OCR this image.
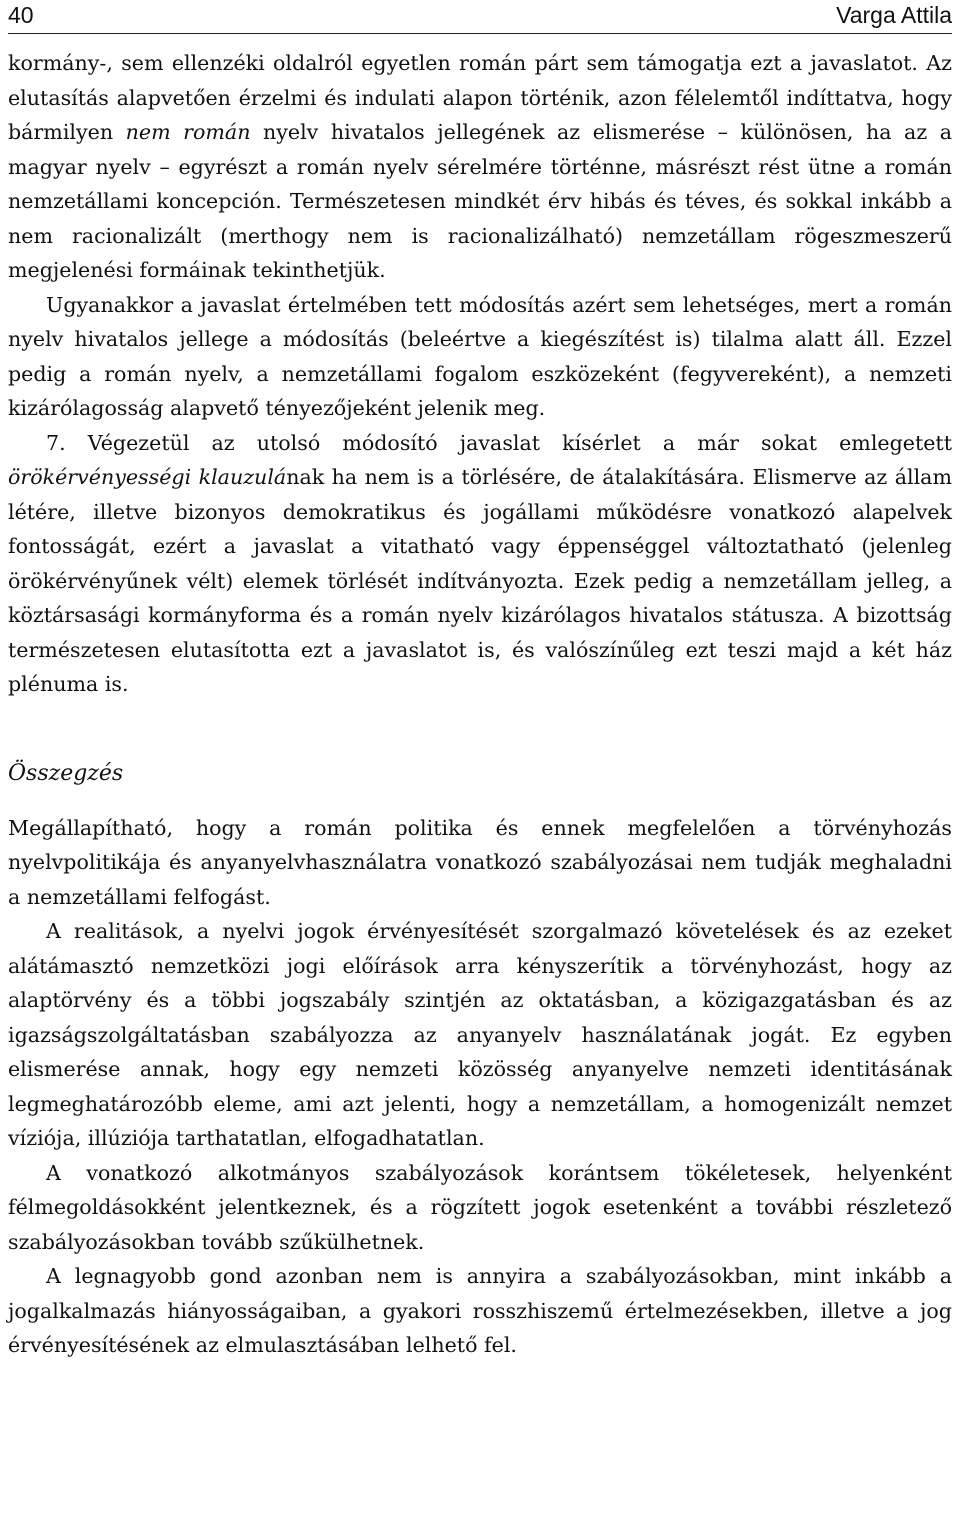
40	Varga Attila

kormány-, sem ellenzéki oldalról egyetlen román párt sem támogatja ezt a javaslatot. Az elutasítás alapvetően érzelmi és indulati alapon történik, azon félelemtől indíttatva, hogy bármilyen nem román nyelv hivatalos jellegének az elismerése – különösen, ha az a magyar nyelv – egyrészt a román nyelv sérelmére történne, másrészt rést ütne a román nemzetállami koncepción. Természetesen mindkét érv hibás és téves, és sokkal inkább a nem racionalizált (merthogy nem is racionalizálható) nemzetállam rögeszmeszerű megjelenési formáinak tekinthetjük.

Ugyanakkor a javaslat értelmében tett módosítás azért sem lehetséges, mert a román nyelv hivatalos jellege a módosítás (beleértve a kiegészítést is) tilalma alatt áll. Ezzel pedig a román nyelv, a nemzetállami fogalom eszközeként (fegyvereként), a nemzeti kizárólagosság alapvető tényezőjeként jelenik meg.

7. Végezetül az utolsó módosító javaslat kísérlet a már sokat emlegetett örökérvényességi klauzulának ha nem is a törlésére, de átalakítására. Elismerve az állam létére, illetve bizonyos demokratikus és jogállami működésre vonatkozó alapelvek fontosságát, ezért a javaslat a vitatható vagy éppenséggel változtatható (jelenleg örökérvényűnek vélt) elemek törlését indítványozta. Ezek pedig a nemzetállam jelleg, a köztársasági kormányforma és a román nyelv kizárólagos hivatalos státusza. A bizottság természetesen elutasította ezt a javaslatot is, és valószínűleg ezt teszi majd a két ház plénuma is.

Összegzés

Megállapítható, hogy a román politika és ennek megfelelően a törvényhozás nyelvpolitikája és anyanyelvhasználatra vonatkozó szabályozásai nem tudják meghaladni a nemzetállami felfogást.

A realitások, a nyelvi jogok érvényesítését szorgalmazó követelések és az ezeket alátámasztó nemzetközi jogi előírások arra kényszerítik a törvényhozást, hogy az alaptörvény és a többi jogszabály szintjén az oktatásban, a közigazgatásban és az igazságszolgáltatásban szabályozza az anyanyelv használatának jogát. Ez egyben elismerése annak, hogy egy nemzeti közösség anyanyelve nemzeti identitásának legmeghatározóbb eleme, ami azt jelenti, hogy a nemzetállam, a homogenizált nemzet víziója, illúziója tarthatatlan, elfogadhatatlan.

A vonatkozó alkotmányos szabályozások korántsem tökéletesek, helyenként félmegoldásokként jelentkeznek, és a rögzített jogok esetenként a további részletező szabályozásokban tovább szűkülhetnek.

A legnagyobb gond azonban nem is annyira a szabályozásokban, mint inkább a jogalkalmazás hiányosságaiban, a gyakori rosszhiszemű értelmezésekben, illetve a jog érvényesítésének az elmulasztásában lelhető fel.
